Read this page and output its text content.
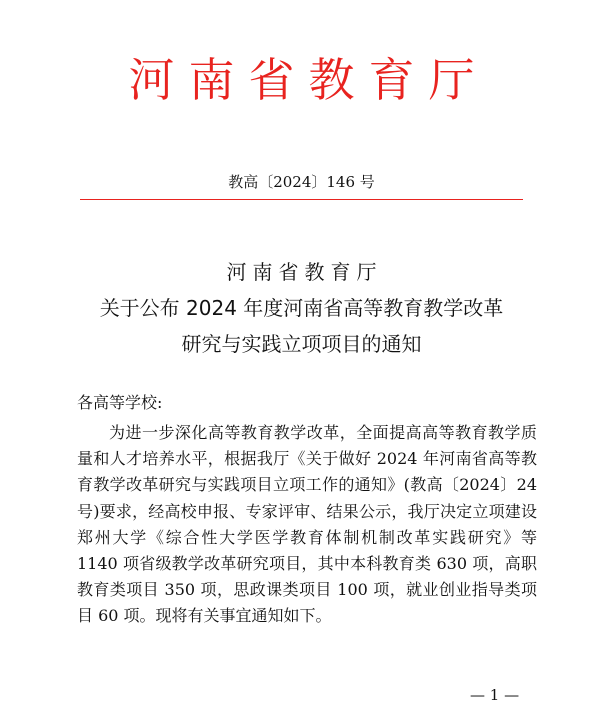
河南省教育厅
教高〔2024〕146 号
河南省教育厅
关于公布 2024 年度河南省高等教育教学改革
研究与实践立项项目的通知
各高等学校:
为进一步深化高等教育教学改革，全面提高高等教育教学质量和人才培养水平，根据我厅《关于做好 2024 年河南省高等教育教学改革研究与实践项目立项工作的通知》(教高〔2024〕24 号)要求，经高校申报、专家评审、结果公示，我厅决定立项建设郑州大学《综合性大学医学教育体制机制改革实践研究》等 1140 项省级教学改革研究项目，其中本科教育类 630 项，高职教育类项目 350 项，思政课类项目 100 项，就业创业指导类项目 60 项。现将有关事宜通知如下。
— 1 —
